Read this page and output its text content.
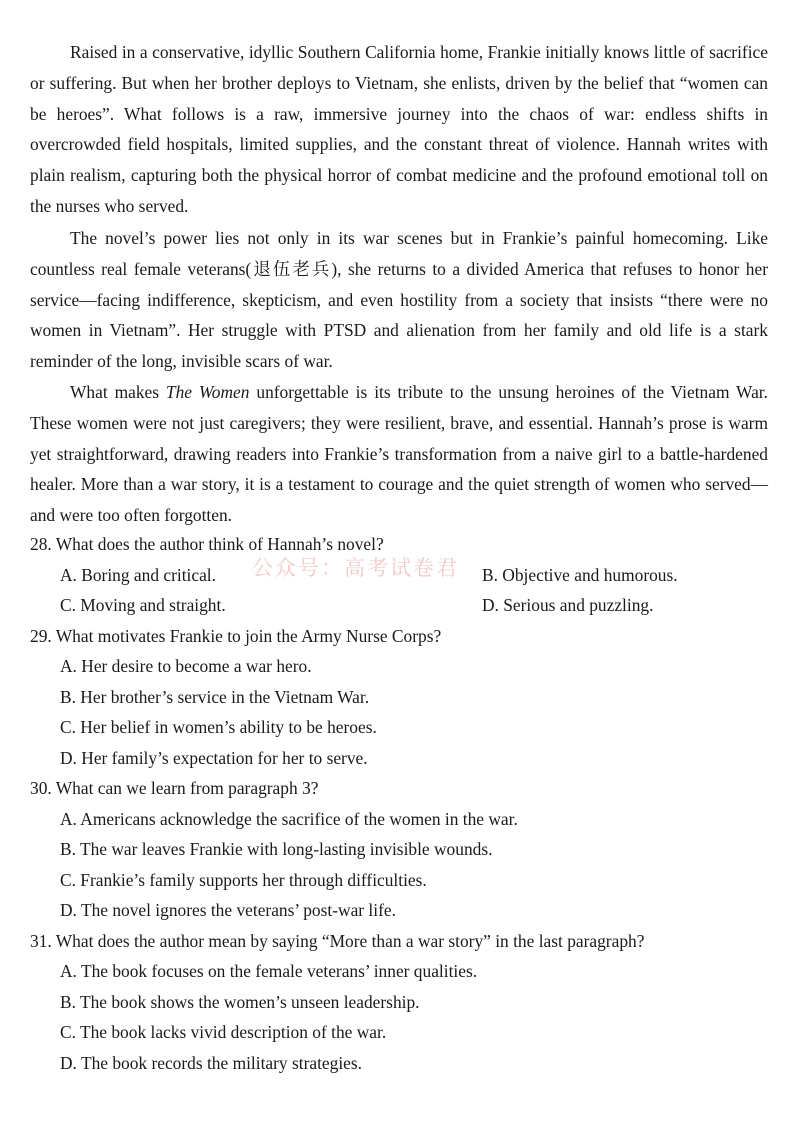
Raised in a conservative, idyllic Southern California home, Frankie initially knows little of sacrifice or suffering. But when her brother deploys to Vietnam, she enlists, driven by the belief that “women can be heroes”. What follows is a raw, immersive journey into the chaos of war: endless shifts in overcrowded field hospitals, limited supplies, and the constant threat of violence. Hannah writes with plain realism, capturing both the physical horror of combat medicine and the profound emotional toll on the nurses who served.

The novel’s power lies not only in its war scenes but in Frankie’s painful homecoming. Like countless real female veterans(退伍老兵), she returns to a divided America that refuses to honor her service—facing indifference, skepticism, and even hostility from a society that insists “there were no women in Vietnam”. Her struggle with PTSD and alienation from her family and old life is a stark reminder of the long, invisible scars of war.

What makes The Women unforgettable is its tribute to the unsung heroines of the Vietnam War. These women were not just caregivers; they were resilient, brave, and essential. Hannah’s prose is warm yet straightforward, drawing readers into Frankie’s transformation from a naive girl to a battle-hardened healer. More than a war story, it is a testament to courage and the quiet strength of women who served—and were too often forgotten.

公众号：高考试卷君

28. What does the author think of Hannah’s novel?

A. Boring and critical.	B. Objective and humorous.

C. Moving and straight.	D. Serious and puzzling.

29. What motivates Frankie to join the Army Nurse Corps?

A. Her desire to become a war hero.

B. Her brother’s service in the Vietnam War.

C. Her belief in women’s ability to be heroes.

D. Her family’s expectation for her to serve.

30. What can we learn from paragraph 3?

A. Americans acknowledge the sacrifice of the women in the war.

B. The war leaves Frankie with long-lasting invisible wounds.

C. Frankie’s family supports her through difficulties.

D. The novel ignores the veterans’ post-war life.

31. What does the author mean by saying “More than a war story” in the last paragraph?

A. The book focuses on the female veterans’ inner qualities.

B. The book shows the women’s unseen leadership.

C. The book lacks vivid description of the war.

D. The book records the military strategies.
